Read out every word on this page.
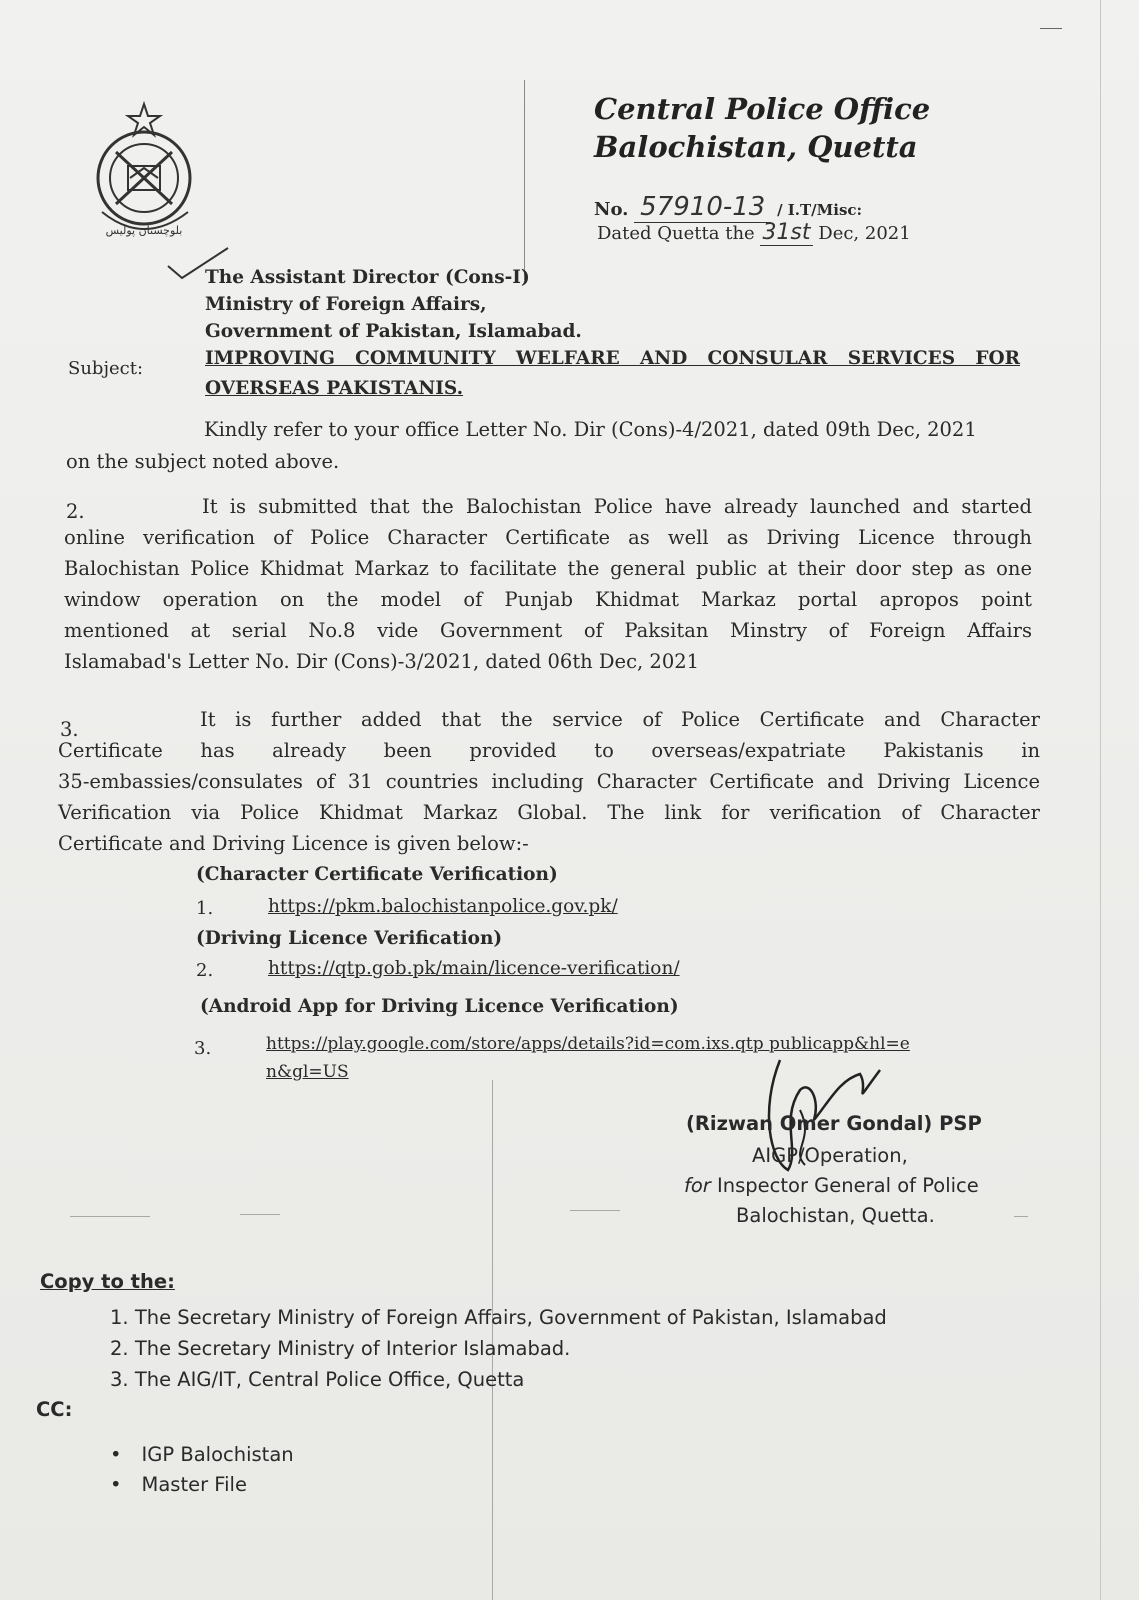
بلوچستان پولیس
Central Police Office
Balochistan, Quetta
No. 57910-13 / I.T/Misc:
Dated Quetta the 31st Dec, 2021
The Assistant Director (Cons-I)
Ministry of Foreign Affairs,
Government of Pakistan, Islamabad.
Subject:	IMPROVING COMMUNITY WELFARE AND CONSULAR SERVICES FOR
OVERSEAS PAKISTANIS.
Kindly refer to your office Letter No. Dir (Cons)-4/2021, dated 09th Dec, 2021
on the subject noted above.
2.	It is submitted that the Balochistan Police have already launched and started
online verification of Police Character Certificate as well as Driving Licence through
Balochistan Police Khidmat Markaz to facilitate the general public at their door step as one
window operation on the model of Punjab Khidmat Markaz portal apropos point
mentioned at serial No.8 vide Government of Paksitan Minstry of Foreign Affairs
Islamabad's Letter No. Dir (Cons)-3/2021, dated 06th Dec, 2021
3.	It is further added that the service of Police Certificate and Character
Certificate has already been provided to overseas/expatriate Pakistanis in
35-embassies/consulates of 31 countries including Character Certificate and Driving Licence
Verification via Police Khidmat Markaz Global. The link for verification of Character
Certificate and Driving Licence is given below:-
(Character Certificate Verification)
1.	https://pkm.balochistanpolice.gov.pk/
(Driving Licence Verification)
2.	https://qtp.gob.pk/main/licence-verification/
(Android App for Driving Licence Verification)
3.	https://play.google.com/store/apps/details?id=com.ixs.qtp publicapp&hl=e
n&gl=US
(Rizwan Omer Gondal) PSP
AIGP/Operation,
for Inspector General of Police
Balochistan, Quetta.
Copy to the:
1. The Secretary Ministry of Foreign Affairs, Government of Pakistan, Islamabad
2. The Secretary Ministry of Interior Islamabad.
3. The AIG/IT, Central Police Office, Quetta
CC:
• IGP Balochistan
• Master File
